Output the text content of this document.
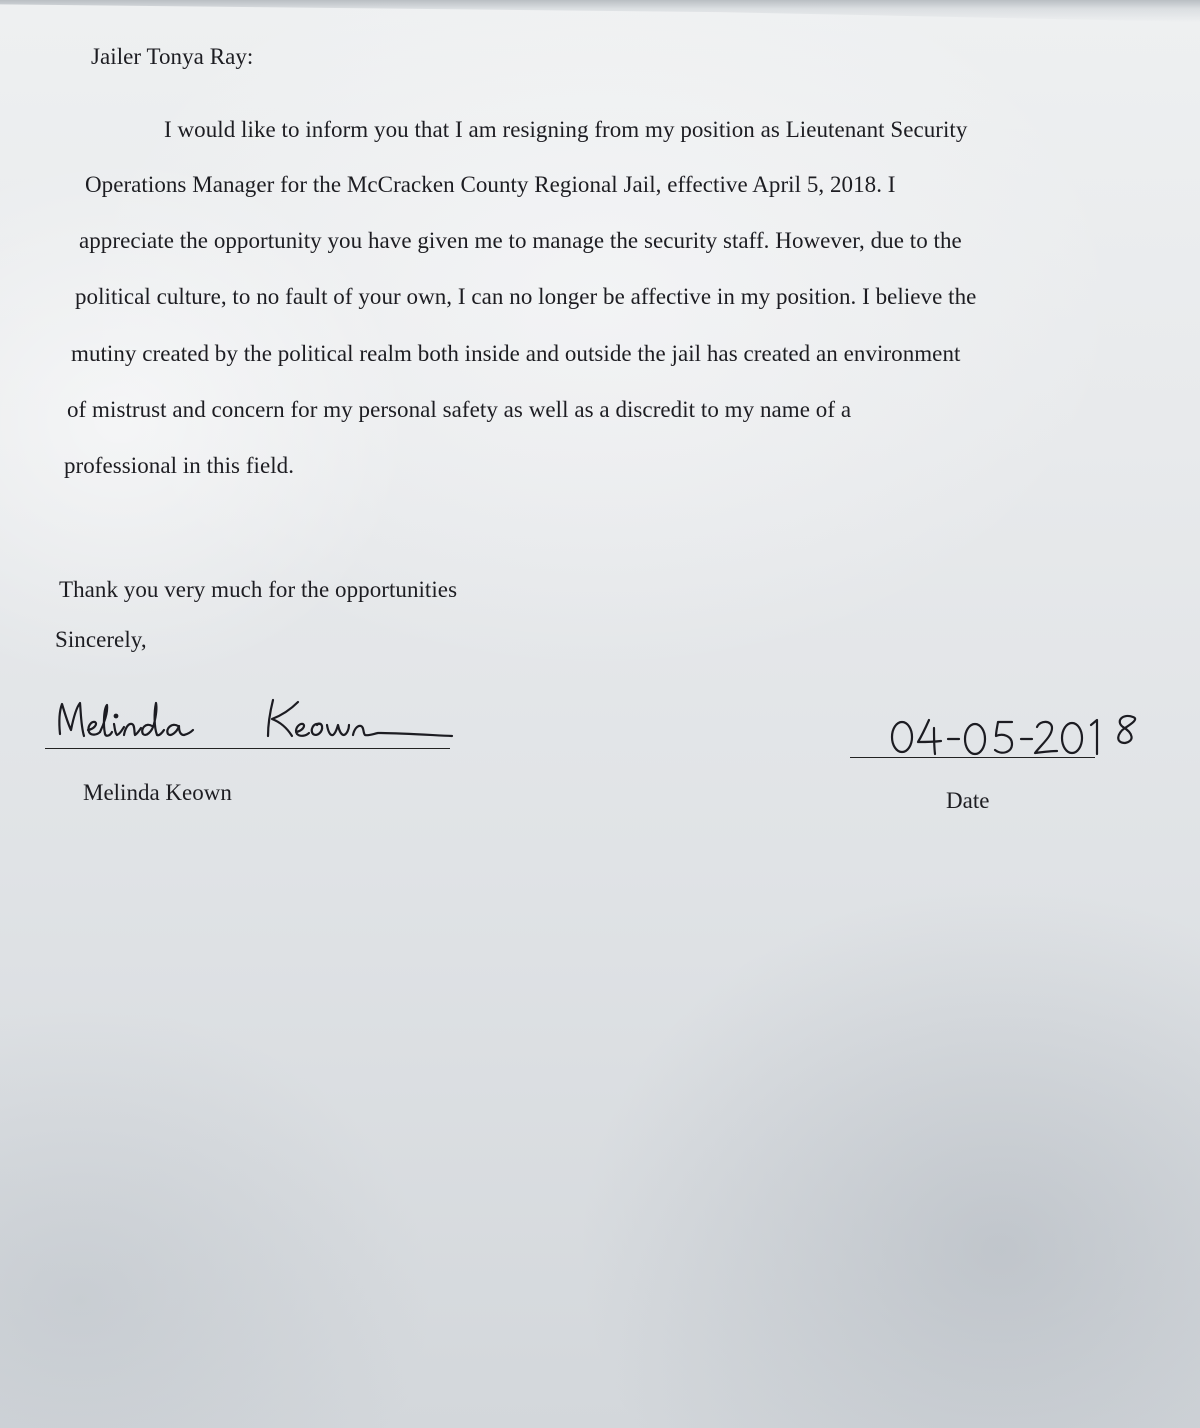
Jailer Tonya Ray:
I would like to inform you that I am resigning from my position as Lieutenant Security
Operations Manager for the McCracken County Regional Jail, effective April 5, 2018. I
appreciate the opportunity you have given me to manage the security staff. However, due to the
political culture, to no fault of your own, I can no longer be affective in my position. I believe the
mutiny created by the political realm both inside and outside the jail has created an environment
of mistrust and concern for my personal safety as well as a discredit to my name of a
professional in this field.
Thank you very much for the opportunities
Sincerely,
Melinda Keown	Date
